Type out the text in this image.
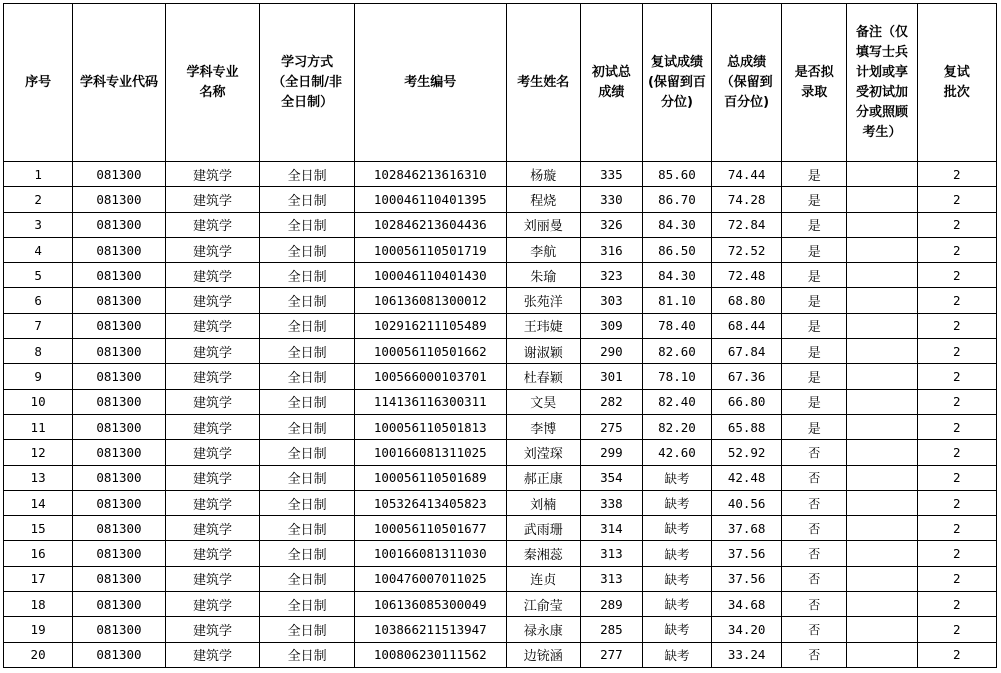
序号	学科专业代码	学科专业名称	学习方式（全日制/非全日制）	考生编号	考生姓名	初试总成绩	复试成绩(保留到百分位)	总成绩（保留到百分位)	是否拟录取	备注（仅填写士兵计划或享受初试加分或照顾考生）	复试批次
1	081300	建筑学	全日制	102846213616310	杨璇	335	85.60	74.44	是		2
2	081300	建筑学	全日制	100046110401395	程烧	330	86.70	74.28	是		2
3	081300	建筑学	全日制	102846213604436	刘丽曼	326	84.30	72.84	是		2
4	081300	建筑学	全日制	100056110501719	李航	316	86.50	72.52	是		2
5	081300	建筑学	全日制	100046110401430	朱瑜	323	84.30	72.48	是		2
6	081300	建筑学	全日制	106136081300012	张苑洋	303	81.10	68.80	是		2
7	081300	建筑学	全日制	102916211105489	王玮婕	309	78.40	68.44	是		2
8	081300	建筑学	全日制	100056110501662	谢淑颖	290	82.60	67.84	是		2
9	081300	建筑学	全日制	100566000103701	杜春颖	301	78.10	67.36	是		2
10	081300	建筑学	全日制	114136116300311	文昊	282	82.40	66.80	是		2
11	081300	建筑学	全日制	100056110501813	李博	275	82.20	65.88	是		2
12	081300	建筑学	全日制	100166081311025	刘滢琛	299	42.60	52.92	否		2
13	081300	建筑学	全日制	100056110501689	郝正康	354	缺考	42.48	否		2
14	081300	建筑学	全日制	105326413405823	刘楠	338	缺考	40.56	否		2
15	081300	建筑学	全日制	100056110501677	武雨珊	314	缺考	37.68	否		2
16	081300	建筑学	全日制	100166081311030	秦湘蕊	313	缺考	37.56	否		2
17	081300	建筑学	全日制	100476007011025	连贞	313	缺考	37.56	否		2
18	081300	建筑学	全日制	106136085300049	江俞莹	289	缺考	34.68	否		2
19	081300	建筑学	全日制	103866211513947	禄永康	285	缺考	34.20	否		2
20	081300	建筑学	全日制	100806230111562	边铳涵	277	缺考	33.24	否		2
